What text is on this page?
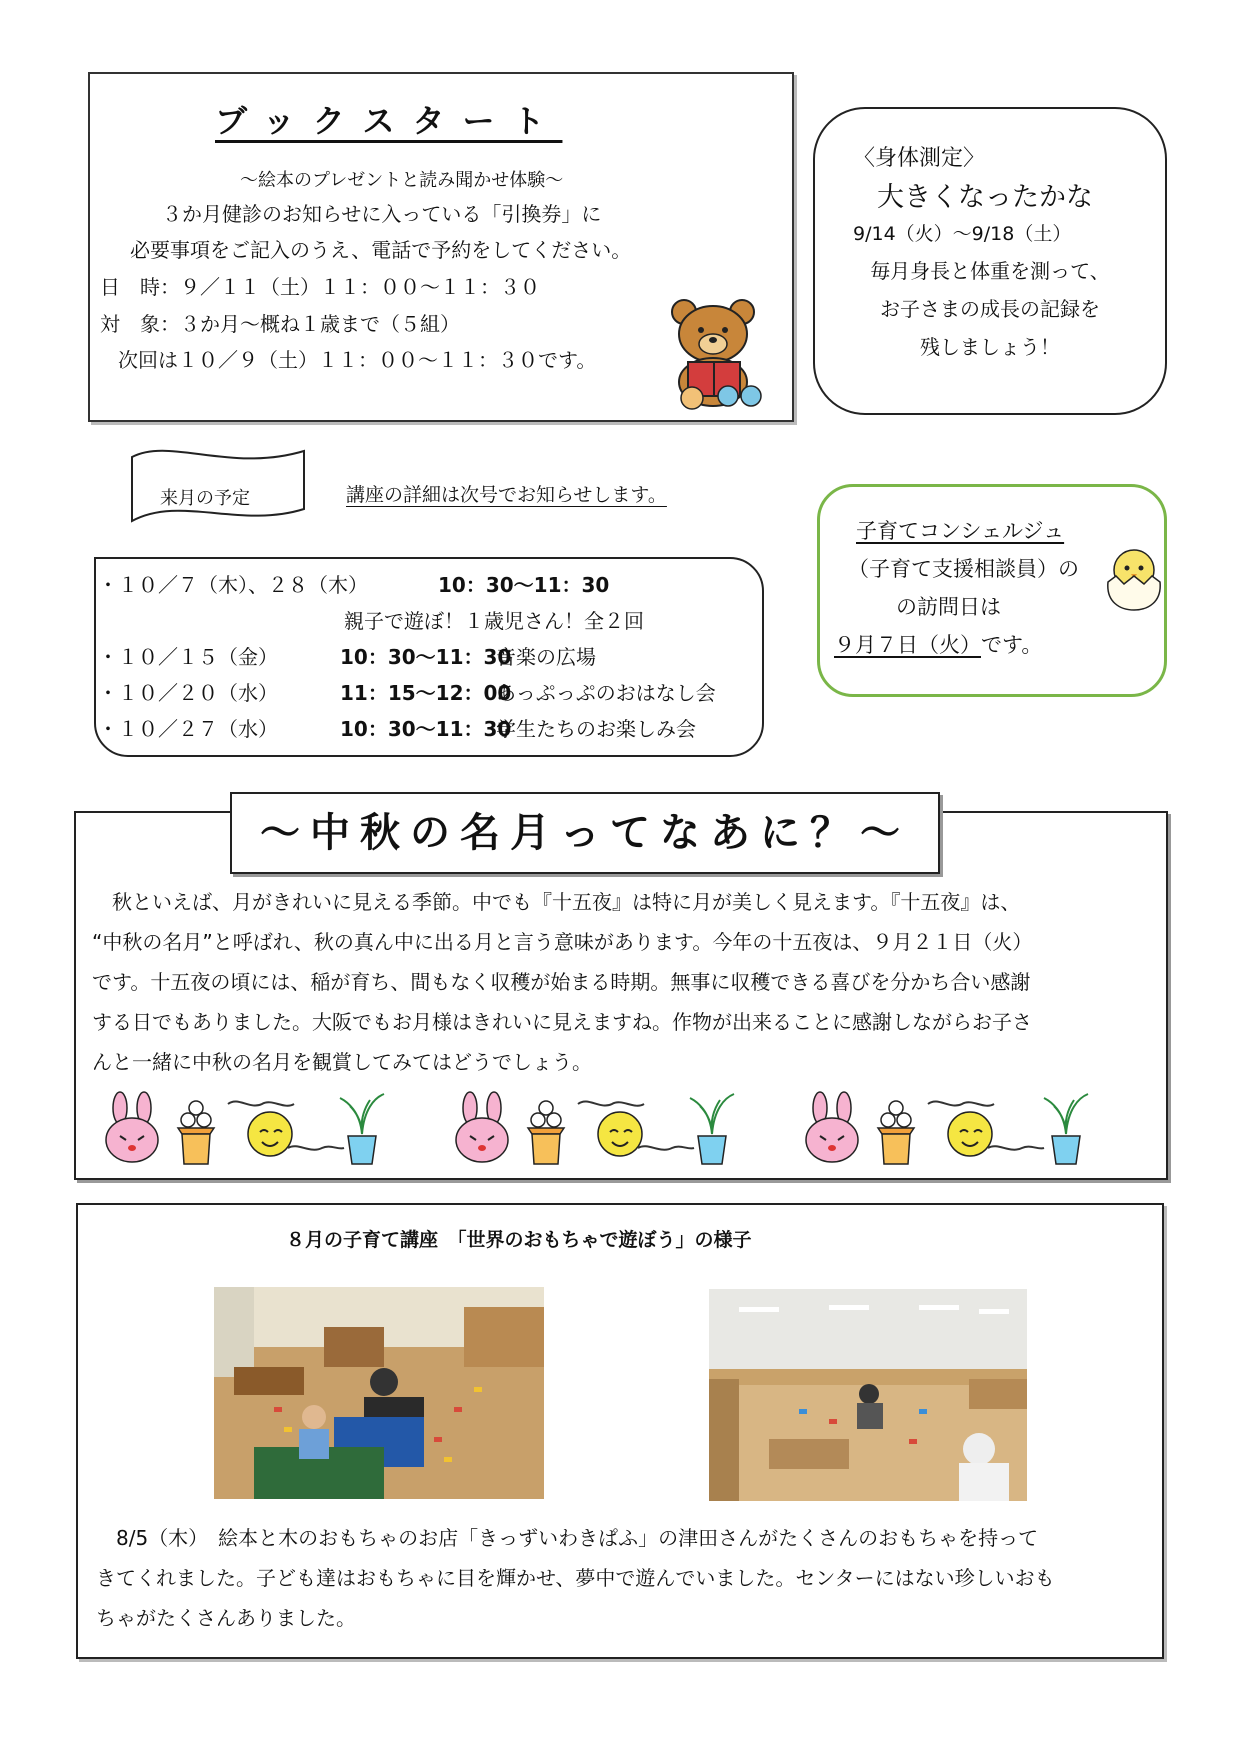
ブックスタート
～絵本のプレゼントと読み聞かせ体験～
３か月健診のお知らせに入っている「引換券」に
必要事項をご記入のうえ、電話で予約をしてください。
日　時：９／１１（土）１１：００～１１：３０
対　象：３か月～概ね１歳まで（５組）
次回は１０／９（土）１１：００～１１：３０です。
〈身体測定〉
大きくなったかな
9/14（火）～9/18（土）
毎月身長と体重を測って、
お子さまの成長の記録を
残しましょう！
来月の予定	講座の詳細は次号でお知らせします。
・１０／７（木）、２８（木）	10：30～11：30
親子で遊ぼ！１歳児さん！全２回
・１０／１５（金）	10：30～11：30音楽の広場
・１０／２０（水）	11：15～12：00あっぷっぷのおはなし会
・１０／２７（水）	10：30～11：30学生たちのお楽しみ会
子育てコンシェルジュ
（子育て支援相談員）の
の訪問日は
９月７日（火）です。
～中秋の名月ってなあに？～

秋といえば、月がきれいに見える季節。中でも『十五夜』は特に月が美しく見えます。『十五夜』は、

“中秋の名月”と呼ばれ、秋の真ん中に出る月と言う意味があります。今年の十五夜は、９月２１日（火）

です。十五夜の頃には、稲が育ち、間もなく収穫が始まる時期。無事に収穫できる喜びを分かち合い感謝

する日でもありました。大阪でもお月様はきれいに見えますね。作物が出来ることに感謝しながらお子さ

んと一緒に中秋の名月を観賞してみてはどうでしょう。

８月の子育て講座　「世界のおもちゃで遊ぼう」の様子

8/5（木）　絵本と木のおもちゃのお店「きっずいわきぱふ」の津田さんがたくさんのおもちゃを持って

きてくれました。子ども達はおもちゃに目を輝かせ、夢中で遊んでいました。センターにはない珍しいおも

ちゃがたくさんありました。
